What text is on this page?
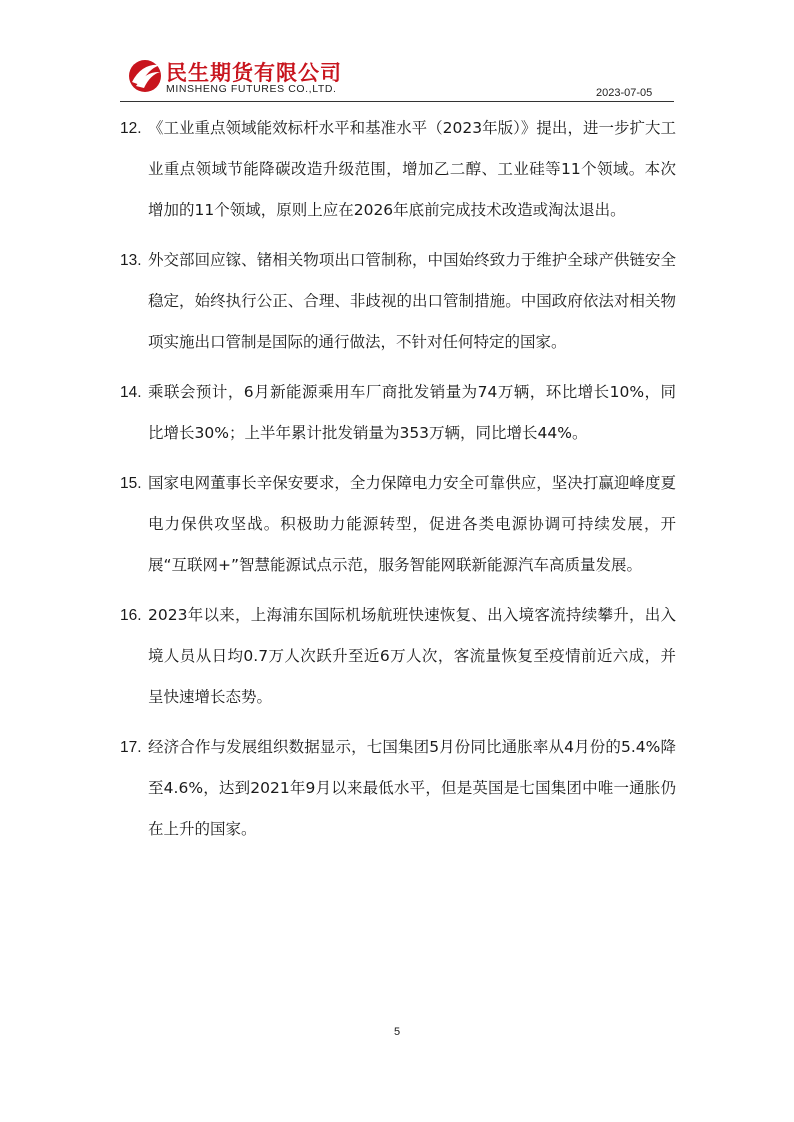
民生期货有限公司
MINSHENG FUTURES CO.,LTD.	2023-07-05
12. 《工业重点领域能效标杆水平和基准水平（2023年版）》提出，进一步扩大工业重点领域节能降碳改造升级范围，增加乙二醇、工业硅等11个领域。本次增加的11个领域，原则上应在2026年底前完成技术改造或淘汰退出。
13. 外交部回应镓、锗相关物项出口管制称，中国始终致力于维护全球产供链安全稳定，始终执行公正、合理、非歧视的出口管制措施。中国政府依法对相关物项实施出口管制是国际的通行做法，不针对任何特定的国家。
14. 乘联会预计，6月新能源乘用车厂商批发销量为74万辆，环比增长10%，同比增长30%；上半年累计批发销量为353万辆，同比增长44%。
15. 国家电网董事长辛保安要求，全力保障电力安全可靠供应，坚决打赢迎峰度夏电力保供攻坚战。积极助力能源转型，促进各类电源协调可持续发展，开展“互联网+”智慧能源试点示范，服务智能网联新能源汽车高质量发展。
16. 2023年以来，上海浦东国际机场航班快速恢复、出入境客流持续攀升，出入境人员从日均0.7万人次跃升至近6万人次，客流量恢复至疫情前近六成，并呈快速增长态势。
17. 经济合作与发展组织数据显示，七国集团5月份同比通胀率从4月份的5.4%降至4.6%，达到2021年9月以来最低水平，但是英国是七国集团中唯一通胀仍在上升的国家。
5
